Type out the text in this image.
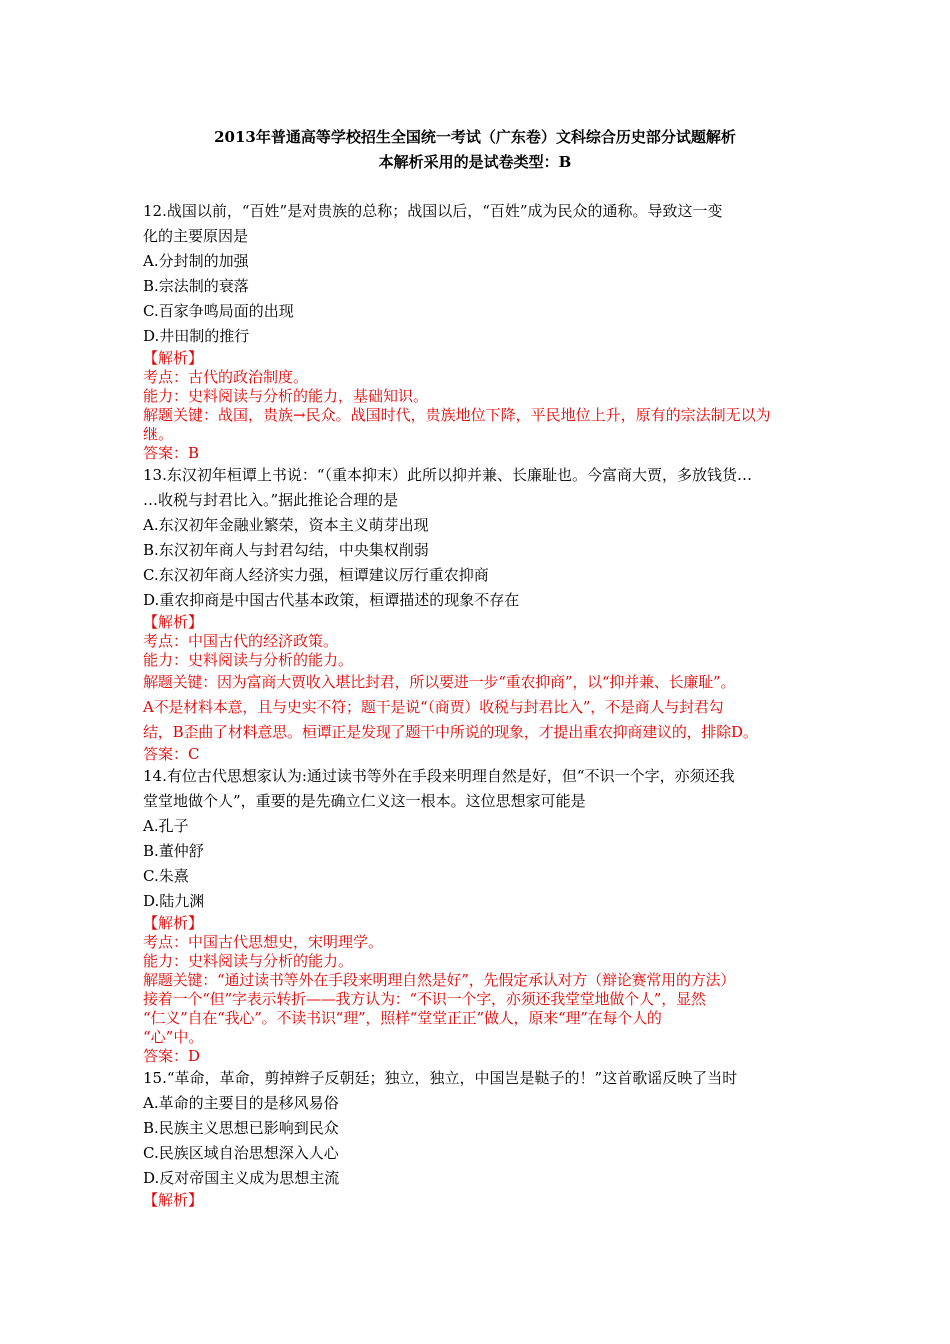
2013年普通高等学校招生全国统一考试（广东卷）文科综合历史部分试题解析
本解析采用的是试卷类型：B
12.战国以前，“百姓”是对贵族的总称；战国以后，“百姓”成为民众的通称。导致这一变
化的主要原因是
A.分封制的加强
B.宗法制的衰落
C.百家争鸣局面的出现
D.井田制的推行
【解析】
考点：古代的政治制度。
能力：史料阅读与分析的能力，基础知识。
解题关键：战国，贵族→民众。战国时代，贵族地位下降，平民地位上升，原有的宗法制无以为
继。
答案：B
13.东汉初年桓谭上书说：“（重本抑末）此所以抑并兼、长廉耻也。今富商大贾，多放钱货…
…收税与封君比入。”据此推论合理的是
A.东汉初年金融业繁荣，资本主义萌芽出现
B.东汉初年商人与封君勾结，中央集权削弱
C.东汉初年商人经济实力强，桓谭建议厉行重农抑商
D.重农抑商是中国古代基本政策，桓谭描述的现象不存在
【解析】
考点：中国古代的经济政策。
能力：史料阅读与分析的能力。
解题关键：因为富商大贾收入堪比封君，所以要进一步“重农抑商”，以“抑并兼、长廉耻”。
A不是材料本意，且与史实不符；题干是说“（商贾）收税与封君比入”，不是商人与封君勾
结，B歪曲了材料意思。桓谭正是发现了题干中所说的现象，才提出重农抑商建议的，排除D。
答案：C
14.有位古代思想家认为:通过读书等外在手段来明理自然是好，但“不识一个字，亦须还我
堂堂地做个人”，重要的是先确立仁义这一根本。这位思想家可能是
A.孔子
B.董仲舒
C.朱熹
D.陆九渊
【解析】
考点：中国古代思想史，宋明理学。
能力：史料阅读与分析的能力。
解题关键：“通过读书等外在手段来明理自然是好”，先假定承认对方（辩论赛常用的方法）
接着一个“但”字表示转折——我方认为：“不识一个字，亦须还我堂堂地做个人”，显然
“仁义”自在“我心”。不读书识“理”，照样“堂堂正正”做人，原来“理”在每个人的
“心”中。
答案：D
15.“革命，革命，剪掉辫子反朝廷；独立，独立，中国岂是鞑子的！”这首歌谣反映了当时
A.革命的主要目的是移风易俗
B.民族主义思想已影响到民众
C.民族区域自治思想深入人心
D.反对帝国主义成为思想主流
【解析】
